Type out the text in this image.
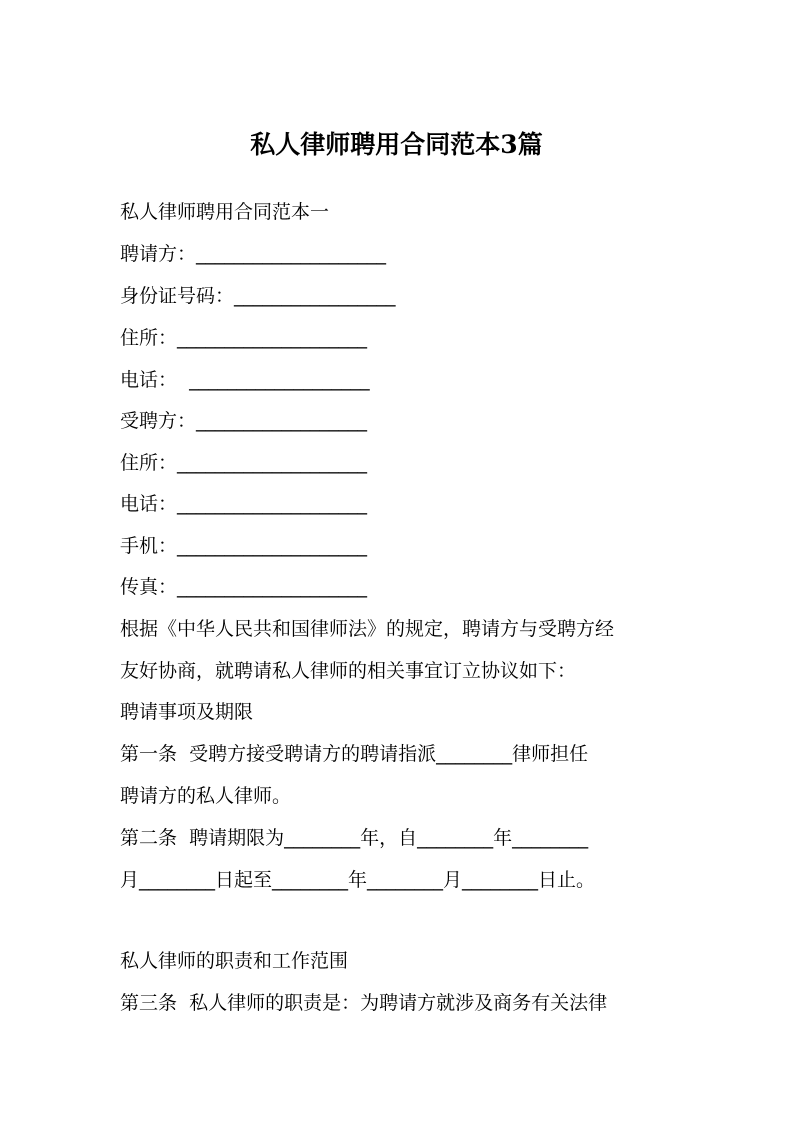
私人律师聘用合同范本3篇
私人律师聘用合同范本一
聘请方：____________________
身份证号码：_________________
住所：____________________
电话：  ___________________
受聘方：__________________
住所：____________________
电话：____________________
手机：____________________
传真：____________________
根据《中华人民共和国律师法》的规定，聘请方与受聘方经
友好协商，就聘请私人律师的相关事宜订立协议如下：
聘请事项及期限
第一条  受聘方接受聘请方的聘请指派________律师担任
聘请方的私人律师。
第二条  聘请期限为________年，自________年________
月________日起至________年________月________日止。
私人律师的职责和工作范围
第三条  私人律师的职责是：为聘请方就涉及商务有关法律
